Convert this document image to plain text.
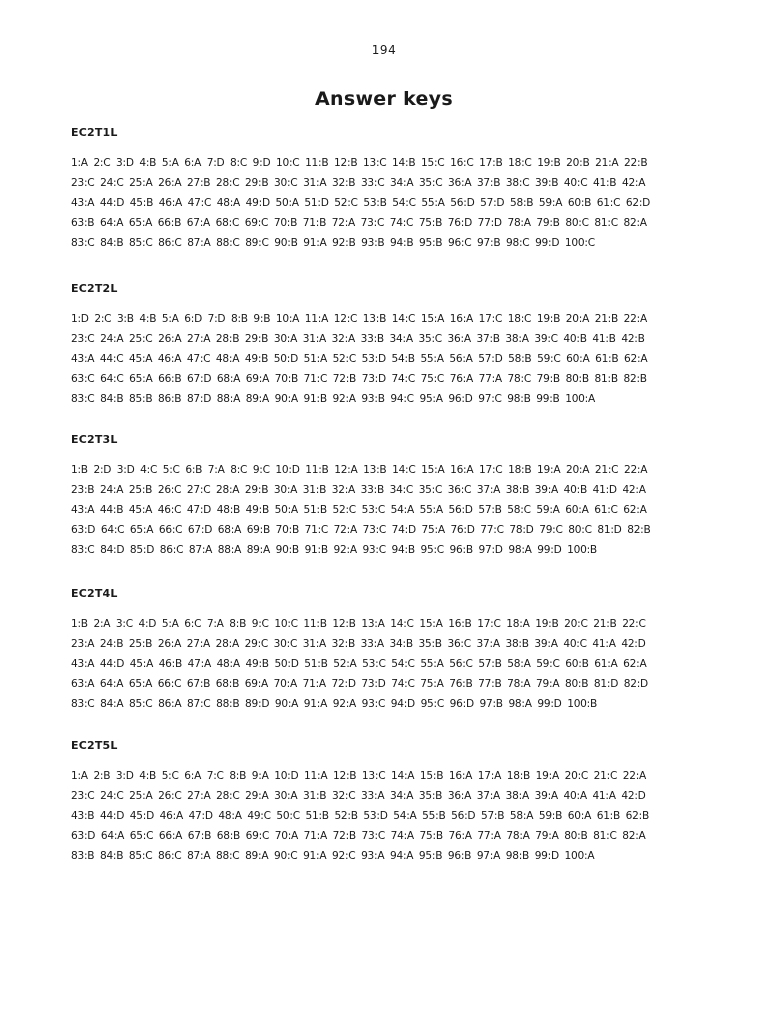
194
Answer keys
EC2T1L
1:A 2:C 3:D 4:B 5:A 6:A 7:D 8:C 9:D 10:C 11:B 12:B 13:C 14:B 15:C 16:C 17:B 18:C 19:B 20:B 21:A 22:B
23:C 24:C 25:A 26:A 27:B 28:C 29:B 30:C 31:A 32:B 33:C 34:A 35:C 36:A 37:B 38:C 39:B 40:C 41:B 42:A
43:A 44:D 45:B 46:A 47:C 48:A 49:D 50:A 51:D 52:C 53:B 54:C 55:A 56:D 57:D 58:B 59:A 60:B 61:C 62:D
63:B 64:A 65:A 66:B 67:A 68:C 69:C 70:B 71:B 72:A 73:C 74:C 75:B 76:D 77:D 78:A 79:B 80:C 81:C 82:A
83:C 84:B 85:C 86:C 87:A 88:C 89:C 90:B 91:A 92:B 93:B 94:B 95:B 96:C 97:B 98:C 99:D 100:C
EC2T2L
1:D 2:C 3:B 4:B 5:A 6:D 7:D 8:B 9:B 10:A 11:A 12:C 13:B 14:C 15:A 16:A 17:C 18:C 19:B 20:A 21:B 22:A
23:C 24:A 25:C 26:A 27:A 28:B 29:B 30:A 31:A 32:A 33:B 34:A 35:C 36:A 37:B 38:A 39:C 40:B 41:B 42:B
43:A 44:C 45:A 46:A 47:C 48:A 49:B 50:D 51:A 52:C 53:D 54:B 55:A 56:A 57:D 58:B 59:C 60:A 61:B 62:A
63:C 64:C 65:A 66:B 67:D 68:A 69:A 70:B 71:C 72:B 73:D 74:C 75:C 76:A 77:A 78:C 79:B 80:B 81:B 82:B
83:C 84:B 85:B 86:B 87:D 88:A 89:A 90:A 91:B 92:A 93:B 94:C 95:A 96:D 97:C 98:B 99:B 100:A
EC2T3L
1:B 2:D 3:D 4:C 5:C 6:B 7:A 8:C 9:C 10:D 11:B 12:A 13:B 14:C 15:A 16:A 17:C 18:B 19:A 20:A 21:C 22:A
23:B 24:A 25:B 26:C 27:C 28:A 29:B 30:A 31:B 32:A 33:B 34:C 35:C 36:C 37:A 38:B 39:A 40:B 41:D 42:A
43:A 44:B 45:A 46:C 47:D 48:B 49:B 50:A 51:B 52:C 53:C 54:A 55:A 56:D 57:B 58:C 59:A 60:A 61:C 62:A
63:D 64:C 65:A 66:C 67:D 68:A 69:B 70:B 71:C 72:A 73:C 74:D 75:A 76:D 77:C 78:D 79:C 80:C 81:D 82:B
83:C 84:D 85:D 86:C 87:A 88:A 89:A 90:B 91:B 92:A 93:C 94:B 95:C 96:B 97:D 98:A 99:D 100:B
EC2T4L
1:B 2:A 3:C 4:D 5:A 6:C 7:A 8:B 9:C 10:C 11:B 12:B 13:A 14:C 15:A 16:B 17:C 18:A 19:B 20:C 21:B 22:C
23:A 24:B 25:B 26:A 27:A 28:A 29:C 30:C 31:A 32:B 33:A 34:B 35:B 36:C 37:A 38:B 39:A 40:C 41:A 42:D
43:A 44:D 45:A 46:B 47:A 48:A 49:B 50:D 51:B 52:A 53:C 54:C 55:A 56:C 57:B 58:A 59:C 60:B 61:A 62:A
63:A 64:A 65:A 66:C 67:B 68:B 69:A 70:A 71:A 72:D 73:D 74:C 75:A 76:B 77:B 78:A 79:A 80:B 81:D 82:D
83:C 84:A 85:C 86:A 87:C 88:B 89:D 90:A 91:A 92:A 93:C 94:D 95:C 96:D 97:B 98:A 99:D 100:B
EC2T5L
1:A 2:B 3:D 4:B 5:C 6:A 7:C 8:B 9:A 10:D 11:A 12:B 13:C 14:A 15:B 16:A 17:A 18:B 19:A 20:C 21:C 22:A
23:C 24:C 25:A 26:C 27:A 28:C 29:A 30:A 31:B 32:C 33:A 34:A 35:B 36:A 37:A 38:A 39:A 40:A 41:A 42:D
43:B 44:D 45:D 46:A 47:D 48:A 49:C 50:C 51:B 52:B 53:D 54:A 55:B 56:D 57:B 58:A 59:B 60:A 61:B 62:B
63:D 64:A 65:C 66:A 67:B 68:B 69:C 70:A 71:A 72:B 73:C 74:A 75:B 76:A 77:A 78:A 79:A 80:B 81:C 82:A
83:B 84:B 85:C 86:C 87:A 88:C 89:A 90:C 91:A 92:C 93:A 94:A 95:B 96:B 97:A 98:B 99:D 100:A
